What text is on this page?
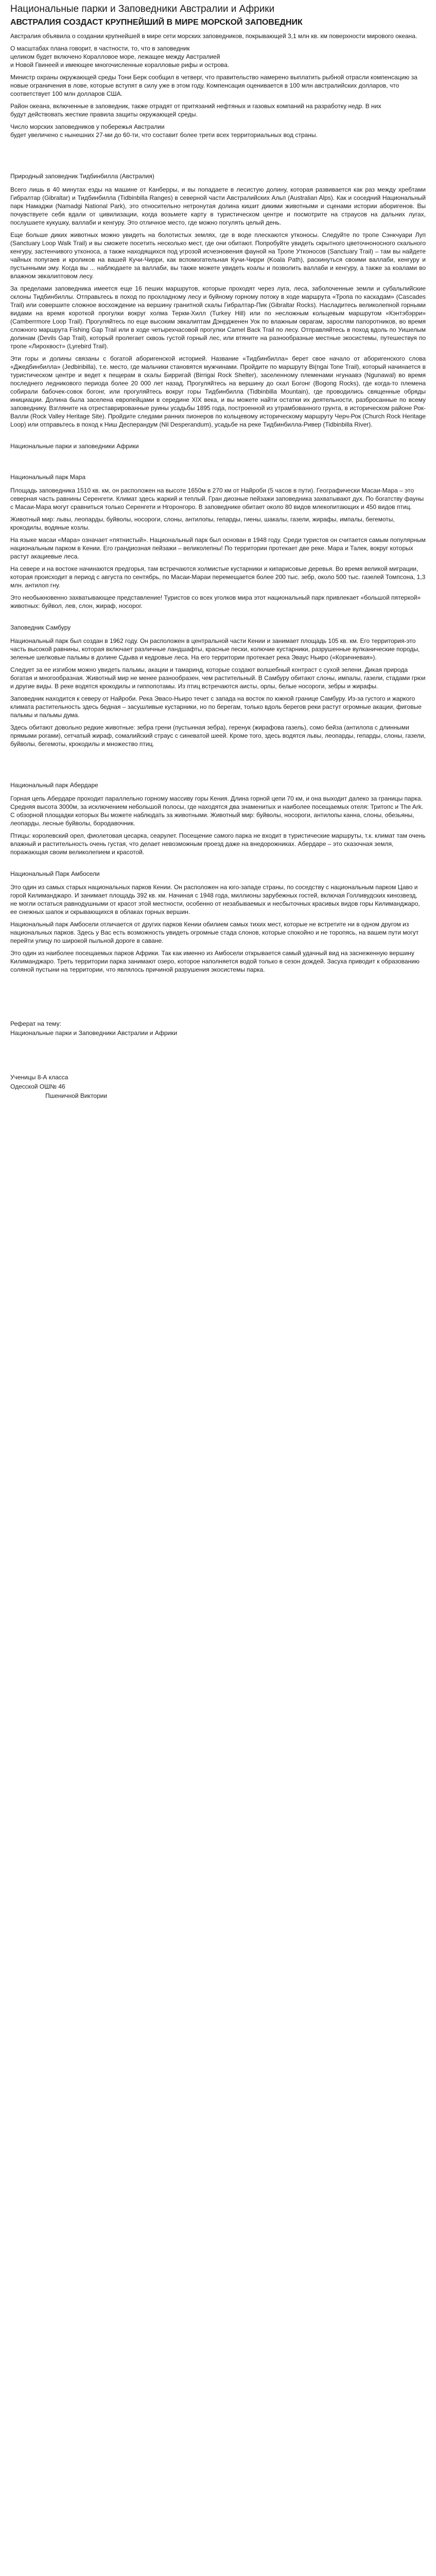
Национальные парки и Заповедники Австралии и Африки
АВСТРАЛИЯ СОЗДАСТ КРУПНЕЙШИЙ В МИРЕ МОРСКОЙ ЗАПОВЕДНИК

Австралия объявила о создании крупнейшей в мире сети морских заповедников, покрывающей 3,1 млн кв. км поверхности мирового океана.

О масштабах плана говорит, в частности, то, что в заповедник
целиком будет включено Коралловое море, лежащее между Австралией
и Новой Гвинеей и имеющее многочисленные коралловые рифы и островa.

Министр охраны окружающей среды Тони Берк сообщил в четверг, что правительство намерено выплатить рыбной отрасли компенсацию за новые ограничения в лове, которые вступят в силу уже в этом году. Компенсация оценивается в 100 млн австралийских долларов, что соответствует 100 млн долларов США.

Район океана, включенные в заповедник, также отрадят от притязаний нефтяных и газовых компаний на разработку недр. В них
будут действовать жесткие правила защиты окружающей среды.

Число морских заповедников у побережья Австралии
будет увеличено с нынешних 27-ми до 60-ти, что составит более трети всех территориальных вод страны.

Природный заповедник Тидбинбилла (Австралия)

Всего лишь в 40 минутах езды на машине от Канберры, и вы попадаете в лесистую долину, которая развивается как раз между хребтами Гибралтар (Gibraltar) и Тидбинбилла (Tidbinbilla Ranges) в северной части Австралийских Альп (Australian Alps). Как и соседний Национальный парк Намаджи (Namadgi National Park), это относительно нетронутая долина кишит дикими животными и сценами истории аборигенов. Вы почувствуете себя вдали от цивилизации, когда возьмете карту в туристическом центре и посмотрите на стрaусов на дальних лугах, послушаете кукушку, валлаби и кенгуру. Это отличное место, где можно погулять целый день.

Еще больше диких животных можно увидеть на болотистых землях, где в воде плескаются утконосы. Следуйте по тропе Сэнкчуари Луп (Sanctuary Loop Walk Trail) и вы сможете посетить несколько мест, где они обитают. Попробуйте увидеть скрытного цветочноносного скального кенгуру, застенчивого утконоса, а также находящихся под угрозой исчезновения фауной на Тропе Утконосов (Sanctuary Trail) – там вы найдете чайных попугаев и кроликов на вашей Кучи-Чирри, как вспомогательная Кучи-Чирри (Koala Path), раскинуться своими валлаби, кенгуру и пустынными эму. Когда вы ... наблюдаете за валлаби, вы также можете увидеть коалы и позволить валлаби и кенгуру, а также за коалами во влажном эвкалиптовом лесу.

За пределами заповедника имеется еще 16 пеших маршрутов, которые проходят через луга, леса, заболоченные земли и субальпийские склоны Тидбинбиллы. Отправьтесь в поход по прохладному лесу и буйному горному потоку в ходе маршрута «Тропа по каскадам» (Cascades Trail) или совершите сложное восхождение на вершину гранитной скалы Гибралтар-Пик (Gibraltar Rocks). Насладитесь великолепной горными видами на время короткой прогулки вокруг холма Теркм-Хилл (Turkey Hill) или по несложным кольцевым маршрутом «Кэнтэбэрри» (Camberrmore Loop Trail). Прогуляйтесь по еще высоким эвкалиптам Дэнрдженен Уок по влажным оврагам, зарослям папоротников, во время сложного маршрута Fishing Gap Trail или в ходе четырехчасовой прогулки Camel Back Trail по лесу. Отправляйтесь в поход вдоль по Уишелым долинам (Devils Gap Trail), который пролегает сквозь густой горный лес, или втяните на разнообразные местные экосистемы, путешествуя по тропе «Лирохвост» (Lyrebird Trail).

Эти горы и долины связаны с богатой аборигенской историей. Название «Тидбинбилла» берет свое начало от аборигенского слова «Джедбинбилла» (Jedbinbilla), т.е. место, где мальчики становятся мужчинами. Пройдите по маршруту Bi(ngai Tone Trail), который начинается в туристическом центре и ведет к пещерам в скалы Бирригай (Birrigai Rock Shelter), заселенному племенами нгунаавэ (Ngunawal) во время последнего ледникового периода более 20 000 лет назад. Прогуляйтесь на вершину до скал Богонг (Bogong Rocks), где когда-то племена собирали бабочек-совок богонг, или прогуляйтесь вокруг горы Тидбинбилла (Tidbinbilla Mountain), где проводились священные обряды инициации. Долина была заселена европейцами в середине XIX века, и вы можете найти остатки их деятельности, разбросанные по всему заповеднику. Взгляните на отреставрированные руины усадьбы 1895 года, построенной из утрамбованного грунта, в историческом районе Рок-Валли (Rock Valley Heritage Site). Пройдите следами ранних пионеров по кольцевому историческому маршруту Черч-Рок (Church Rock Heritage Loop) или отправьтесь в поход к Ниш Десперандум (Nil Desperandum), усадьбе на реке Тидбинбилла-Ривер (Tidbinbilla River).

Национальные парки и заповедники Африки

Национальный парк Мара

Площадь заповедника 1510 кв. км, он расположен на высоте 1650м в 270 км от Найроби (5 часов в пути). Географически Масаи-Мара – это северная часть равнины Серенгети. Климат здесь жаркий и теплый. Гран диозные пейзажи заповедника захватывают дух. По богатству фауны с Масаи-Мара могут сравниться только Серенгети и Нгоронгоро. В заповеднике обитает около 80 видов млекопитающих и 450 видов птиц.

Животный мир: львы, леопарды, буйволы, носороги, слоны, антилопы, гепарды, гиены, шакалы, газели, жирафы, импалы, бегемоты, крокодилы, водяные козлы.

На языке масаи «Мара» означает «пятнистый». Национальный парк был основан в 1948 году. Среди туристов он считается самым популярным национальным парком в Кении. Его грандиозная пейзажи – великолепны! По территории протекает две реке. Мара и Талек, вокруг которых растут акациевые леса.

На севере и на востоке начинаются предгорья, там встречаются холмистые кустарники и кипарисовые деревья. Во время великой миграции, которая происходит в период с августа по сентябрь, по Масаи-Мараи перемещается более 200 тыс. зебр, около 500 тыс. газелей Томпсона, 1,3 млн. антилоп гну.

Это необыкновенно захватывающее представление! Туристов со всех уголков мира этот национальный парк привлекает «большой пятеркой» животных: буйвол, лев, слон, жираф, носорог.

Заповедник Самбуру

Национальный парк был создан в 1962 году. Он расположен в центральной части Кении и занимает площадь 105 кв. км. Его территория-это часть высокой равнины, которая включает различные ландшафты, красные пески, колючие кустарники, разрушенные вулканические породы, зеленые шелковые пальмы в долине Сдыва и кедровые леса. На его территории протекает река Эваус Ньиро («Коричневая»).

Следует за ее изгибом можно увидеть пальмы, акации и тамаринд, которые создают волшебный контраст с сухой зелени. Дикая природа богатая и многообразная. Животный мир не менее разнообразен, чем растительный. В Самбуру обитают слоны, импалы, газели, стадами грюи и другие виды. В реке водятся крокодилы и гиппопотамы. Из птиц встречаются аисты, орлы, белые носороги, зебры и жирафы.

Заповедник находится к северу от Найроби. Река Эвасо-Ньиро течет с запада на восток по южной границе Самбуру. Из-за густого и жаркого климата растительность здесь бедная – засушливые кустарники, но по берегам, только вдоль берегов реки растут огромные акации, фиговые пальмы и пальмы дума.

Здесь обитают довольно редкие животные: зебра грени (пустынная зебра), геренук (жирафова газель), сомо бейза (антилопа с длинными прямыми рогами), сетчатый жираф, сомалийский страус с синеватой шеей. Кроме того, здесь водятся львы, леопарды, гепарды, слоны, газели, буйволы, бегемоты, крокодилы и множество птиц.

Национальный парк Абердаре

Горная цепь Абердаре проходит параллельно горному массиву горы Кения. Длина горной цепи 70 км, и она выходит далеко за границы парка. Средняя высота 3000м, за исключением небольшой полосы, где находятся два знаменитых и наиболее посещаемых отеля: Тритопс и The Ark. С обзорной площадки которых Вы можете наблюдать за животными. Животный мир: буйволы, носороги, антилопы канна, слоны, обезьяны, леопарды, лесные буйволы, бородавочник.

Птицы: королевский орел, фиолетовая цесарка, сеарулет. Посещение самого парка не входит в туристические маршруты, т.к. климат там очень влажный и растительность очень густая, что делает невозможным проезд даже на внедорожниках. Абердаре – это сказочная земля, поражающая своим великолепием и красотой.

Национальный Парк Амбосели

Это один из самых старых национальных парков Кении. Он расположен на юго-западе страны, по соседству с национальным парком Цаво и горой Килиманджаро. И занимает площадь 392 кв. км. Начиная с 1948 года, миллионы зарубежных гостей, включая Голливудских кинозвезд, не могли остаться равнодушными от красот этой местности, особенно от незабываемых и несбыточных красивых видов горы Килиманджаро, ее снежных шапок и скрывающихся в облаках горных вершин.

Национальный парк Амбосели отличается от других парков Кении обилием самых тихих мест, которые не встретите ни в одном другом из национальных парков. Здесь у Вас есть возможность увидеть огромные стада слонов, которые спокойно и не торопясь, на вашем пути могут перейти улицу по широкой пыльной дороге в саване.

Это один из наиболее посещаемых парков Африки. Так как именно из Амбосели открывается самый удачный вид на заснеженную вершину Килиманджаро. Треть территории парка занимают озеро, которое наполняется водой только в сезон дождей. Засуха приводит к образованию соляной пустыни на территории, что являлось причиной разрушения экосистемы парка.

Реферат на тему:

Национальные парки и Заповедники Австралии и Африки

Ученицы 8-А класса

Одесской ОШ№ 46

Пшеничной Виктории
